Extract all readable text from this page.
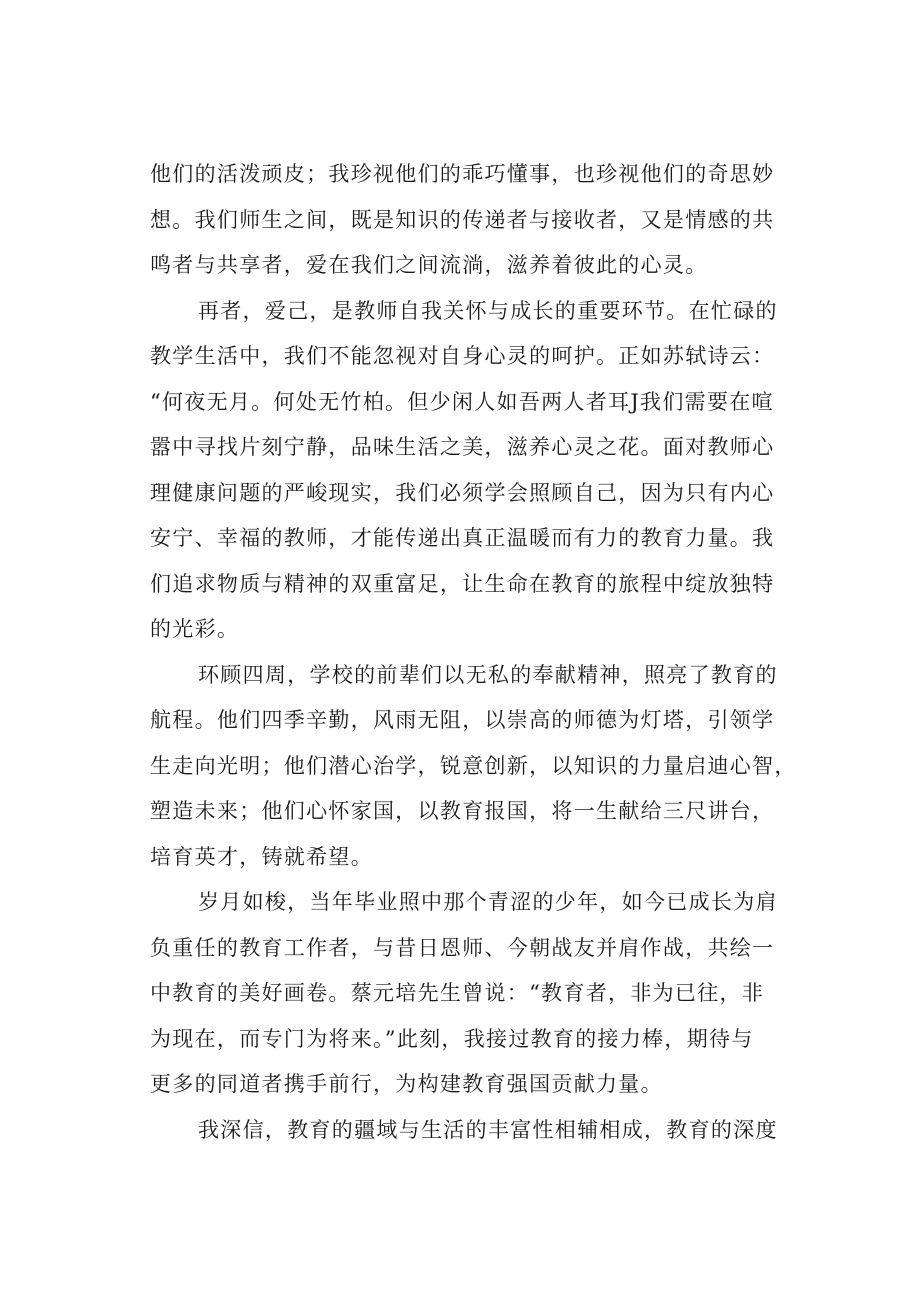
他们的活泼顽皮；我珍视他们的乖巧懂事，也珍视他们的奇思妙
想。我们师生之间，既是知识的传递者与接收者，又是情感的共
鸣者与共享者，爱在我们之间流淌，滋养着彼此的心灵。
再者，爱己，是教师自我关怀与成长的重要环节。在忙碌的
教学生活中，我们不能忽视对自身心灵的呵护。正如苏轼诗云：
“何夜无月。何处无竹柏。但少闲人如吾两人者耳J我们需要在喧
嚣中寻找片刻宁静，品味生活之美，滋养心灵之花。面对教师心
理健康问题的严峻现实，我们必须学会照顾自己，因为只有内心
安宁、幸福的教师，才能传递出真正温暖而有力的教育力量。我
们追求物质与精神的双重富足，让生命在教育的旅程中绽放独特
的光彩。
环顾四周，学校的前辈们以无私的奉献精神，照亮了教育的
航程。他们四季辛勤，风雨无阻，以崇高的师德为灯塔，引领学
生走向光明；他们潜心治学，锐意创新，以知识的力量启迪心智，
塑造未来；他们心怀家国，以教育报国，将一生献给三尺讲台，
培育英才，铸就希望。
岁月如梭，当年毕业照中那个青涩的少年，如今已成长为肩
负重任的教育工作者，与昔日恩师、今朝战友并肩作战，共绘一
中教育的美好画卷。蔡元培先生曾说：“教育者，非为已往，非
为现在，而专门为将来。”此刻，我接过教育的接力棒，期待与
更多的同道者携手前行，为构建教育强国贡献力量。
我深信，教育的疆域与生活的丰富性相辅相成，教育的深度
